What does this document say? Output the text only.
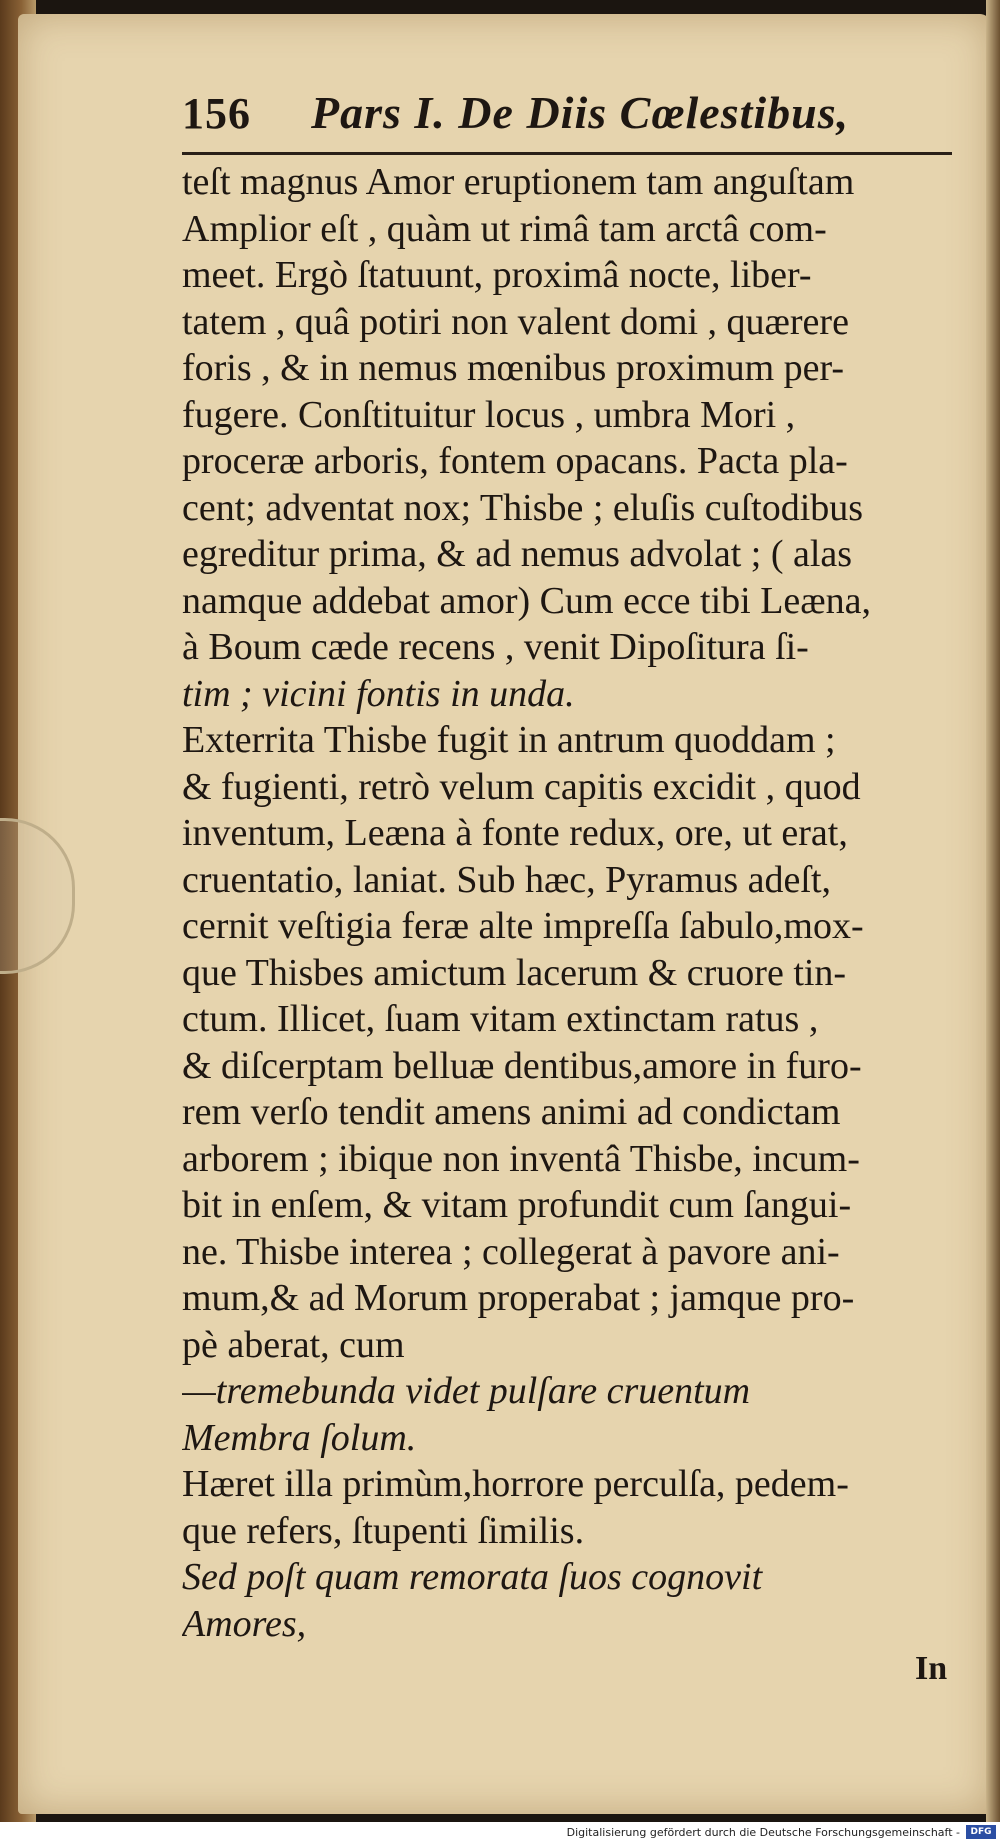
156 Pars I. De Diis Cœlestibus,
teſt magnus Amor eruptionem tam anguſtam
Amplior eſt , quàm ut rimâ tam arctâ com-
meet. Ergò ſtatuunt, proximâ nocte, liber-
tatem , quâ potiri non valent domi , quærere
foris , & in nemus mœnibus proximum per-
fugere. Conſtituitur locus , umbra Mori ,
proceræ arboris, fontem opacans. Pacta pla-
cent; adventat nox; Thisbe ; eluſis cuſtodibus
egreditur prima, & ad nemus advolat ; ( alas
namque addebat amor) Cum ecce tibi Leæna,
à Boum cæde recens , venit Dipoſitura ſi-
tim ; vicini fontis in unda.
Exterrita Thisbe fugit in antrum quoddam ;
& fugienti, retrò velum capitis excidit , quod
inventum, Leæna à fonte redux, ore, ut erat,
cruentatio, laniat. Sub hæc, Pyramus adeſt,
cernit veſtigia feræ alte impreſſa ſabulo,mox-
que Thisbes amictum lacerum & cruore tin-
ctum. Illicet, ſuam vitam extinctam ratus ,
& diſcerptam belluæ dentibus,amore in furo-
rem verſo tendit amens animi ad condictam
arborem ; ibique non inventâ Thisbe, incum-
bit in enſem, & vitam profundit cum ſangui-
ne. Thisbe interea ; collegerat à pavore ani-
mum,& ad Morum properabat ; jamque pro-
pè aberat, cum
—tremebunda videt pulſare cruentum
Membra ſolum.
Hæret illa primùm,horrore perculſa, pedem-
que refers, ſtupenti ſimilis.
Sed poſt quam remorata ſuos cognovit
Amores,
In
Digitalisierung gefördert durch die Deutsche Forschungsgemeinschaft -	DFG
